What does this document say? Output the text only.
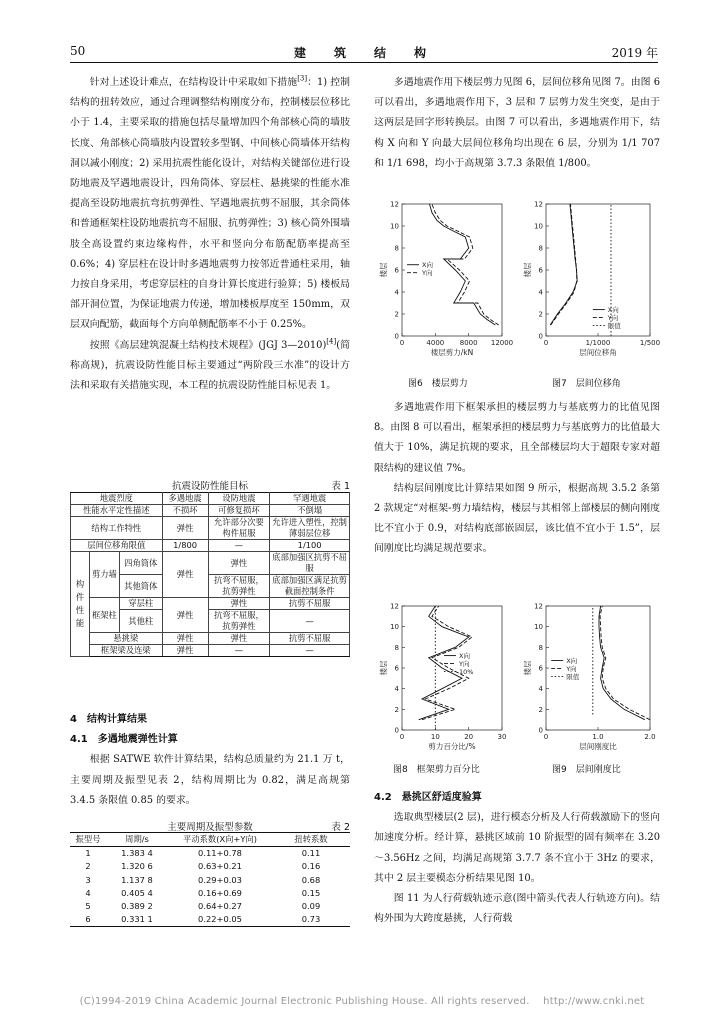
50	建　筑　结　构	2019 年

针对上述设计难点，在结构设计中采取如下措施[3]：1) 控制结构的扭转效应，通过合理调整结构刚度分布，控制楼层位移比小于 1.4，主要采取的措施包括尽量增加四个角部核心筒的墙肢长度、角部核心筒墙肢内设置较多型钢、中间核心筒墙体开结构洞以减小刚度；2) 采用抗震性能化设计，对结构关键部位进行设防地震及罕遇地震设计，四角筒体、穿层柱、悬挑梁的性能水准提高至设防地震抗弯抗剪弹性、罕遇地震抗剪不屈服，其余筒体和普通框架柱设防地震抗弯不屈服、抗剪弹性；3) 核心筒外围墙肢全高设置约束边缘构件，水平和竖向分布筋配筋率提高至 0.6%；4) 穿层柱在设计时多遇地震剪力按邻近普通柱采用，轴力按自身采用，考虑穿层柱的自身计算长度进行验算；5) 楼板局部开洞位置，为保证地震力传递，增加楼板厚度至 150mm，双层双向配筋，截面每个方向单侧配筋率不小于 0.25%。

按照《高层建筑混凝土结构技术规程》(JGJ 3—2010)[4](简称高规)，抗震设防性能目标主要通过“两阶段三水准”的设计方法和采取有关措施实现，本工程的抗震设防性能目标见表 1。

抗震设防性能目标	表 1
地震烈度			多遇地震	设防地震	罕遇地震
性能水平定性描述			不损坏	可修复损坏	不倒塌
结构工作特性			弹性	允许部分次要构件屈服	允许进入塑性，控制薄弱层位移
层间位移角限值			1/800	—	1/100
构件性能	剪力墙	四角筒体	弹性	弹性	底部加强区抗剪不屈服
		其他筒体		抗弯不屈服，抗剪弹性	底部加强区满足抗剪截面控制条件
	框架柱	穿层柱	弹性	弹性	抗剪不屈服
		其他柱		抗弯不屈服，抗剪弹性	—
	悬挑梁		弹性	弹性	抗剪不屈服
	框架梁及连梁		弹性	—	—

4　结构计算结果

4.1　多遇地震弹性计算

根据 SATWE 软件计算结果，结构总质量约为 21.1 万 t，主要周期及振型见表 2，结构周期比为 0.82，满足高规第 3.4.5 条限值 0.85 的要求。

主要周期及振型参数	表 2
振型号	周期/s	平动系数(X向+Y向)	扭转系数
1	1.383 4	0.11+0.78	0.11
2	1.320 6	0.63+0.21	0.16
3	1.137 8	0.29+0.03	0.68
4	0.405 4	0.16+0.69	0.15
5	0.389 2	0.64+0.27	0.09
6	0.331 1	0.22+0.05	0.73

多遇地震作用下楼层剪力见图 6，层间位移角见图 7。由图 6 可以看出，多遇地震作用下，3 层和 7 层剪力发生突变，是由于这两层是回字形转换层。由图 7 可以看出，多遇地震作用下，结构 X 向和 Y 向最大层间位移角均出现在 6 层，分别为 1/1 707 和 1/1 698，均小于高规第 3.7.3 条限值 1/800。

0
2
4
6
8
10
12
0	4000 8000 12000
楼层剪力/kN
楼层	X向
Y向
0
2
4
6
8
10
12
0	1/1000	1/500
层间位移角
楼层
X向
Y向
限值
图6　楼层剪力	图7　层间位移角

多遇地震作用下框架承担的楼层剪力与基底剪力的比值见图 8。由图 8 可以看出，框架承担的楼层剪力与基底剪力的比值最大值大于 10%，满足抗规的要求，且全部楼层均大于超限专家对超限结构的建议值 7%。

结构层间刚度比计算结果如图 9 所示，根据高规 3.5.2 条第 2 款规定“对框架-剪力墙结构，楼层与其相邻上部楼层的侧向刚度比不宜小于 0.9，对结构底部嵌固层，该比值不宜小于 1.5”，层间刚度比均满足规范要求。

0
2
4
6
8
10
12
0	10	20	30
剪力百分比/%
楼层
X向
Y向
10%
0
2
4
6
8
10
12
0	1.0	2.0
层间刚度比
楼层	X向
Y向
限值
图8　框架剪力百分比	图9　层间刚度比

4.2　悬挑区舒适度验算

选取典型楼层(2 层)，进行模态分析及人行荷载激励下的竖向加速度分析。经计算，悬挑区域前 10 阶振型的固有频率在 3.20～3.56Hz 之间，均满足高规第 3.7.7 条不宜小于 3Hz 的要求，其中 2 层主要模态分析结果见图 10。

图 11 为人行荷载轨迹示意(图中箭头代表人行轨迹方向)。结构外围为大跨度悬挑，人行荷载

(C)1994-2019 China Academic Journal Electronic Publishing House. All rights reserved.　 http://www.cnki.net
